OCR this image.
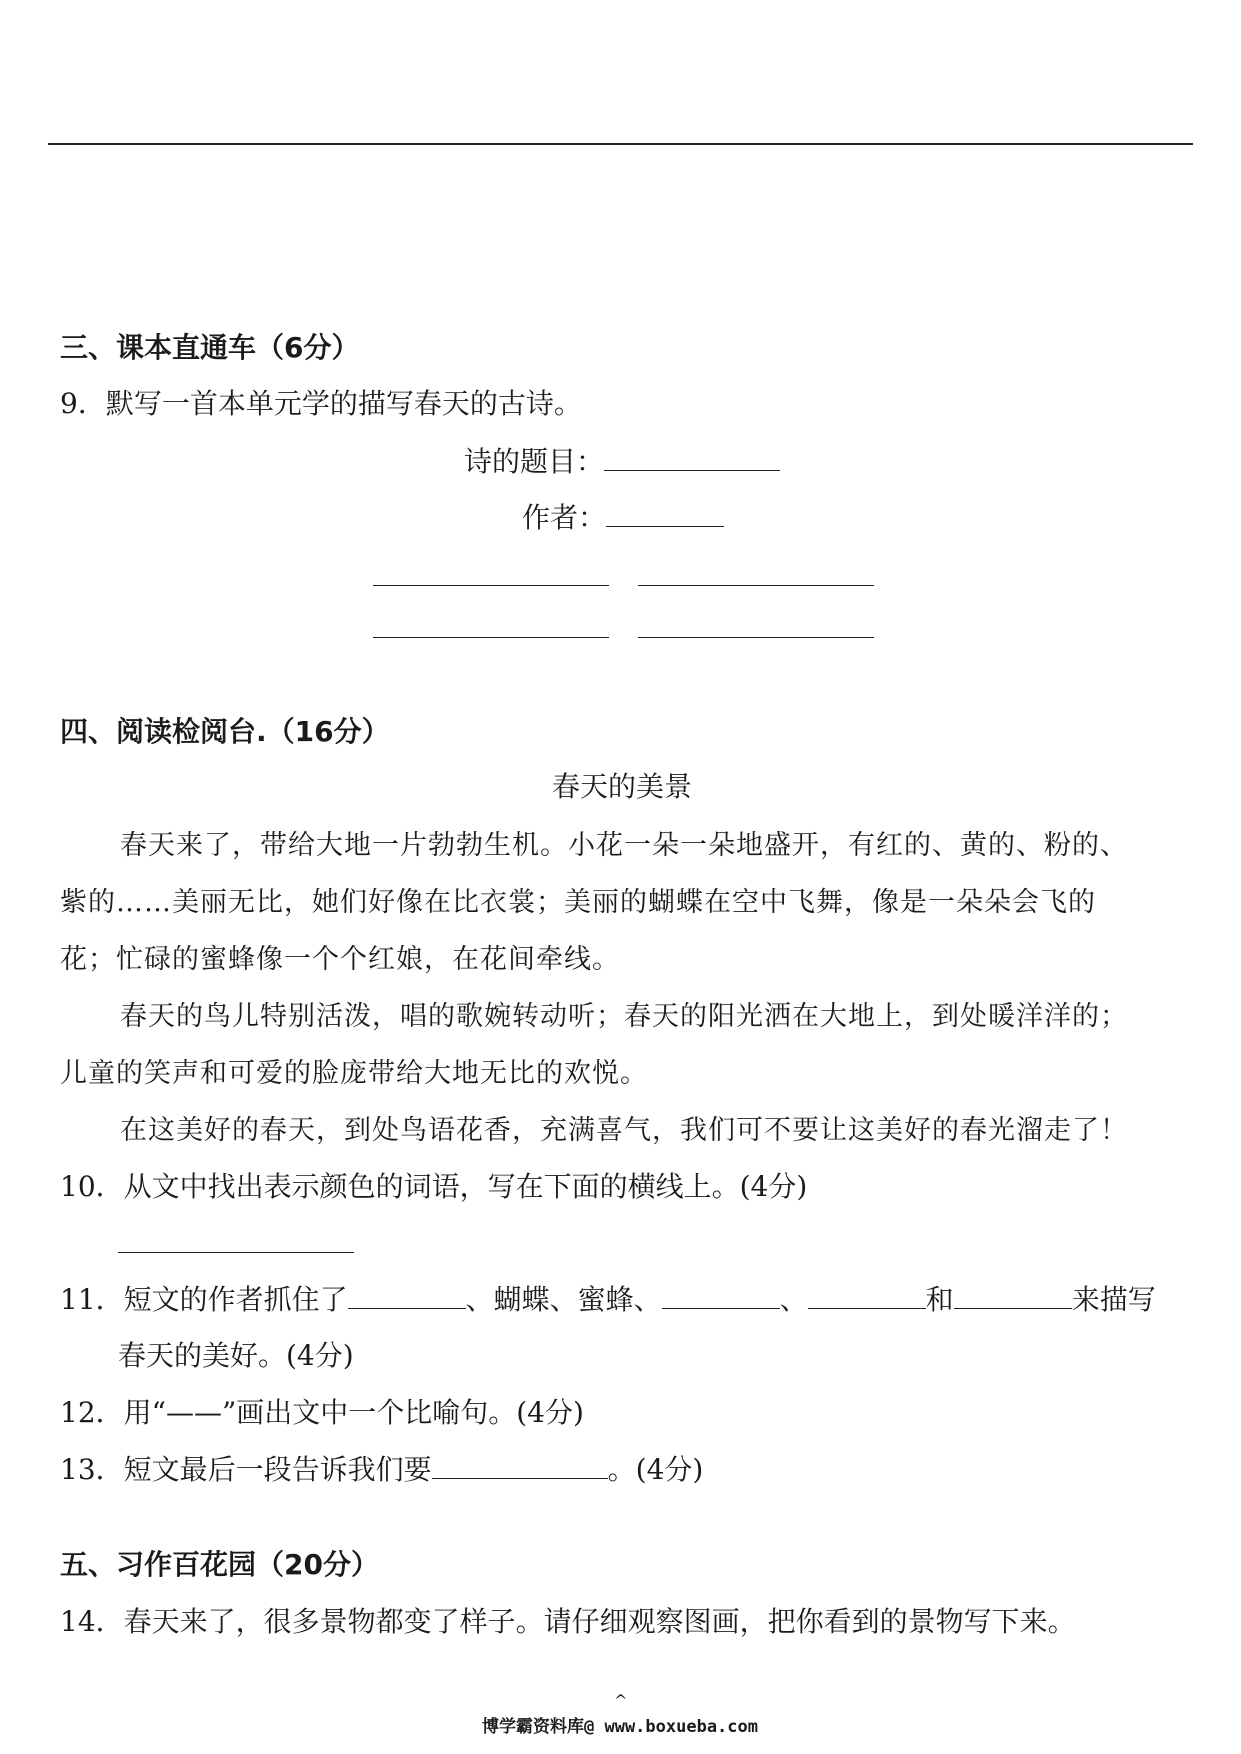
三、课本直通车（6分）
9．默写一首本单元学的描写春天的古诗。
诗的题目：
作者：
四、阅读检阅台.（16分）
春天的美景
春天来了，带给大地一片勃勃生机。小花一朵一朵地盛开，有红的、黄的、粉的、
紫的……美丽无比，她们好像在比衣裳；美丽的蝴蝶在空中飞舞，像是一朵朵会飞的
花；忙碌的蜜蜂像一个个红娘，在花间牵线。
春天的鸟儿特别活泼，唱的歌婉转动听；春天的阳光洒在大地上，到处暖洋洋的；
儿童的笑声和可爱的脸庞带给大地无比的欢悦。
在这美好的春天，到处鸟语花香，充满喜气，我们可不要让这美好的春光溜走了！
10．从文中找出表示颜色的词语，写在下面的横线上。(4分)
11．短文的作者抓住了	、蝴蝶、蜜蜂、	、	和	来描写
春天的美好。(4分)
12．用“——”画出文中一个比喻句。(4分)
13．短文最后一段告诉我们要	。(4分)
五、习作百花园（20分）
14．春天来了，很多景物都变了样子。请仔细观察图画，把你看到的景物写下来。
^
博学霸资料库@ www.boxueba.com
